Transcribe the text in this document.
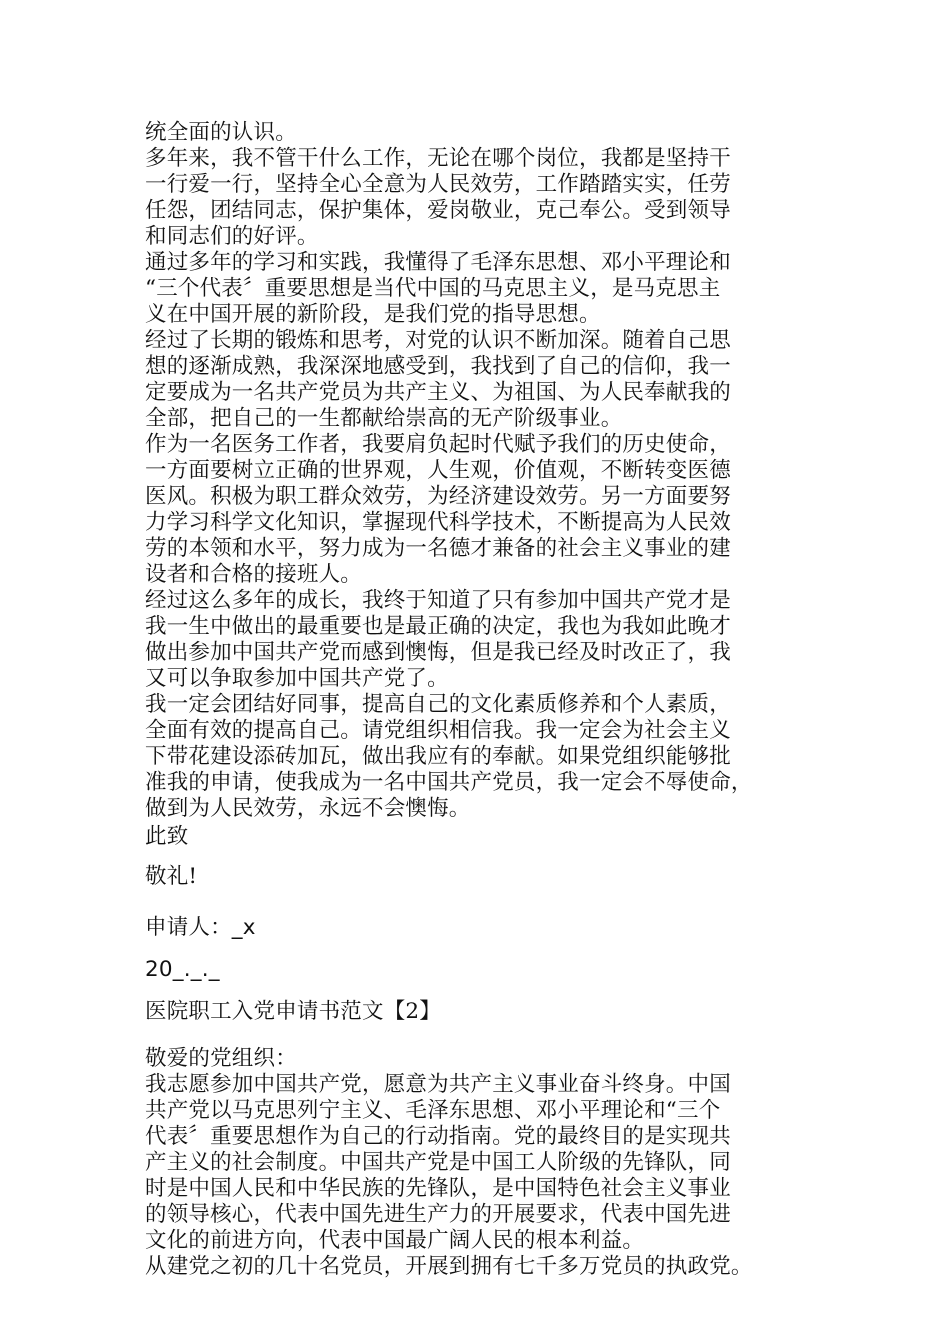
统全面的认识。

多年来，我不管干什么工作，无论在哪个岗位，我都是坚持干

一行爱一行，坚持全心全意为人民效劳，工作踏踏实实，任劳

任怨，团结同志，保护集体，爱岗敬业，克己奉公。受到领导

和同志们的好评。

通过多年的学习和实践，我懂得了毛泽东思想、邓小平理论和

“三个代表〞重要思想是当代中国的马克思主义，是马克思主

义在中国开展的新阶段，是我们党的指导思想。

经过了长期的锻炼和思考，对党的认识不断加深。随着自己思

想的逐渐成熟，我深深地感受到，我找到了自己的信仰，我一

定要成为一名共产党员为共产主义、为祖国、为人民奉献我的

全部，把自己的一生都献给崇高的无产阶级事业。

作为一名医务工作者，我要肩负起时代赋予我们的历史使命，

一方面要树立正确的世界观，人生观，价值观，不断转变医德

医风。积极为职工群众效劳，为经济建设效劳。另一方面要努

力学习科学文化知识，掌握现代科学技术，不断提高为人民效

劳的本领和水平，努力成为一名德才兼备的社会主义事业的建

设者和合格的接班人。

经过这么多年的成长，我终于知道了只有参加中国共产党才是

我一生中做出的最重要也是最正确的决定，我也为我如此晚才

做出参加中国共产党而感到懊悔，但是我已经及时改正了，我

又可以争取参加中国共产党了。

我一定会团结好同事，提高自己的文化素质修养和个人素质，

全面有效的提高自己。请党组织相信我。我一定会为社会主义

下带花建设添砖加瓦，做出我应有的奉献。如果党组织能够批

准我的申请，使我成为一名中国共产党员，我一定会不辱使命，

做到为人民效劳，永远不会懊悔。

此致

敬礼!

申请人：_x

20_._._

医院职工入党申请书范文【2】

敬爱的党组织：

我志愿参加中国共产党，愿意为共产主义事业奋斗终身。中国

共产党以马克思列宁主义、毛泽东思想、邓小平理论和“三个

代表〞重要思想作为自己的行动指南。党的最终目的是实现共

产主义的社会制度。中国共产党是中国工人阶级的先锋队，同

时是中国人民和中华民族的先锋队，是中国特色社会主义事业

的领导核心，代表中国先进生产力的开展要求，代表中国先进

文化的前进方向，代表中国最广阔人民的根本利益。

从建党之初的几十名党员，开展到拥有七千多万党员的执政党。
